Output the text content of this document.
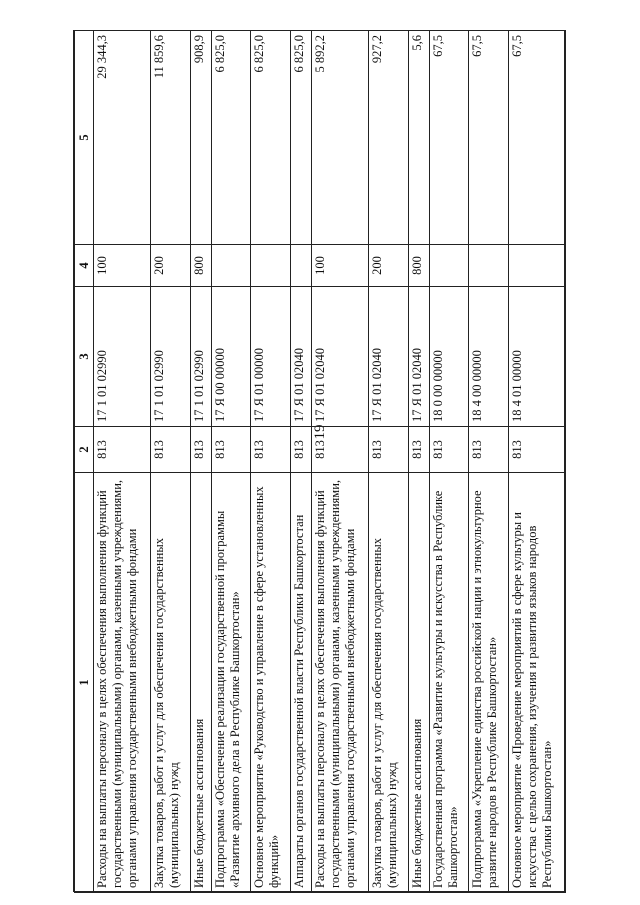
19
1	2	3	4	5
Расходы на выплаты персоналу в целях обеспечения выполнения функций государственными (муниципальными) органами, казенными учреждениями, органами управления государственными внебюджетными фондами	813	17 1 01 02990	100	29 344,3
Закупка товаров, работ и услуг для обеспечения государственных (муниципальных) нужд	813	17 1 01 02990	200	11 859,6
Иные бюджетные ассигнования	813	17 1 01 02990	800	908,9
Подпрограмма «Обеспечение реализации государственной программы «Развитие архивного дела в Республике Башкортостан»	813	17 Я 00 00000		6 825,0
Основное мероприятие «Руководство и управление в сфере установленных функций»	813	17 Я 01 00000		6 825,0
Аппараты органов государственной власти Республики Башкортостан	813	17 Я 01 02040		6 825,0
Расходы на выплаты персоналу в целях обеспечения выполнения функций государственными (муниципальными) органами, казенными учреждениями, органами управления государственными внебюджетными фондами	813	17 Я 01 02040	100	5 892,2
Закупка товаров, работ и услуг для обеспечения государственных (муниципальных) нужд	813	17 Я 01 02040	200	927,2
Иные бюджетные ассигнования	813	17 Я 01 02040	800	5,6
Государственная программа «Развитие культуры и искусства в Республике Башкортостан»	813	18 0 00 00000		67,5
Подпрограмма «Укрепление единства российской нации и этнокультурное развитие народов в Республике Башкортостан»	813	18 4 00 00000		67,5
Основное мероприятие «Проведение мероприятий в сфере культуры и искусства с целью сохранения, изучения и развития языков народов Республики Башкортостан»	813	18 4 01 00000		67,5
